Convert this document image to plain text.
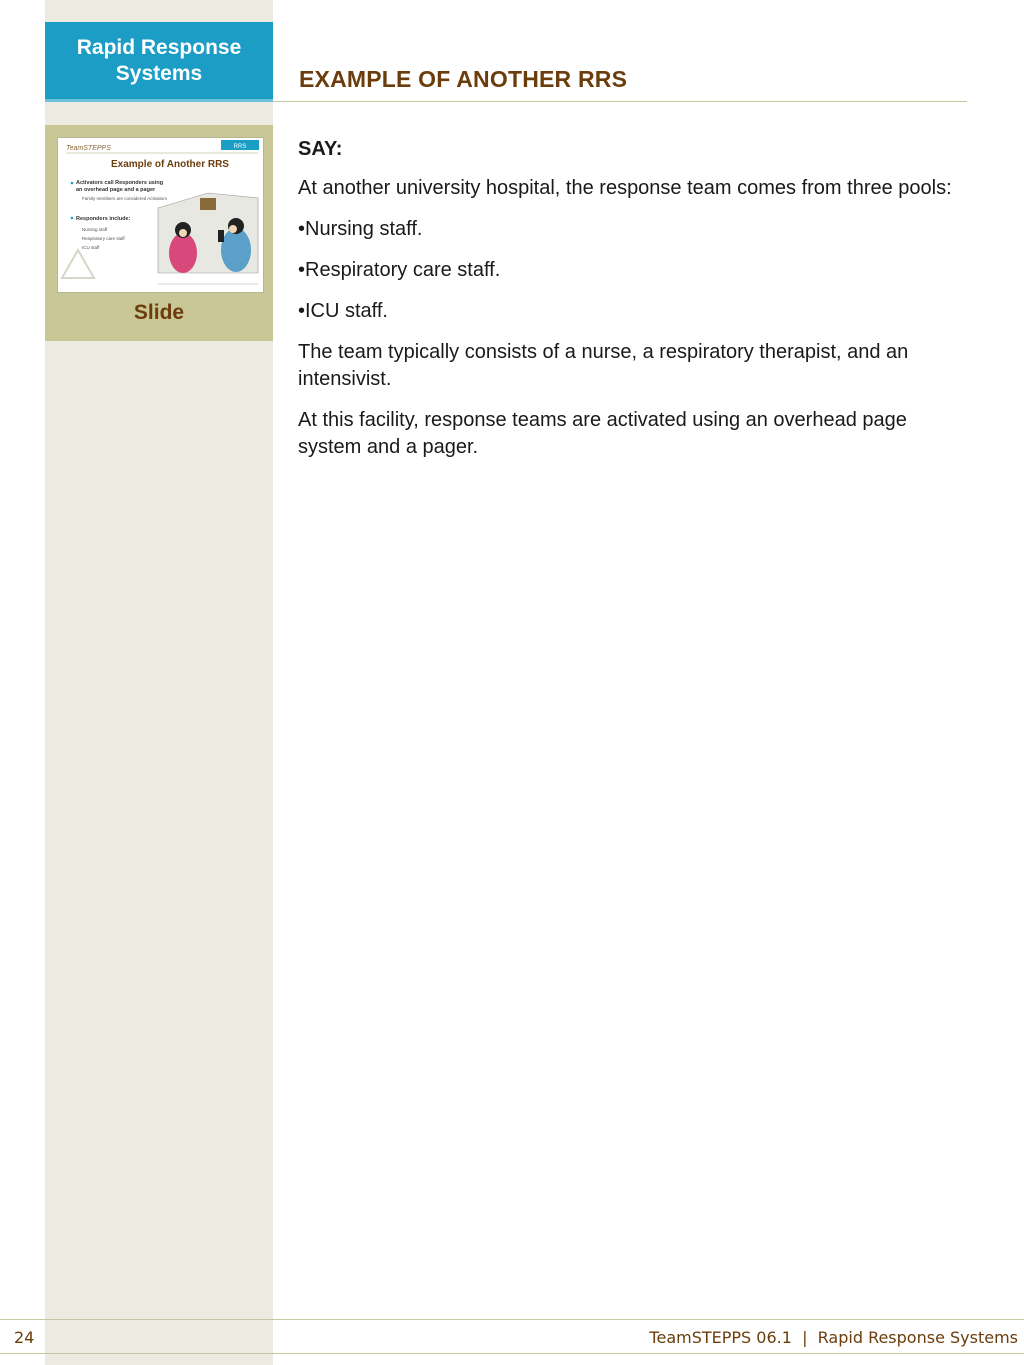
Rapid Response Systems	EXAMPLE OF ANOTHER RRS
TeamSTEPPS	RRS
Example of Another RRS
Activators call Responders using
an overhead page and a pager
Family members are considered Activators
Responders include:
Nursing staff
Respiratory care staff
ICU staff
Slide

SAY:

At another university hospital, the response team comes from three pools:

•Nursing staff.

•Respiratory care staff.

•ICU staff.

The team typically consists of a nurse, a respiratory therapist, and an intensivist.

At this facility, response teams are activated using an overhead page system and a pager.

24	TeamSTEPPS 06.1  |  Rapid Response Systems
